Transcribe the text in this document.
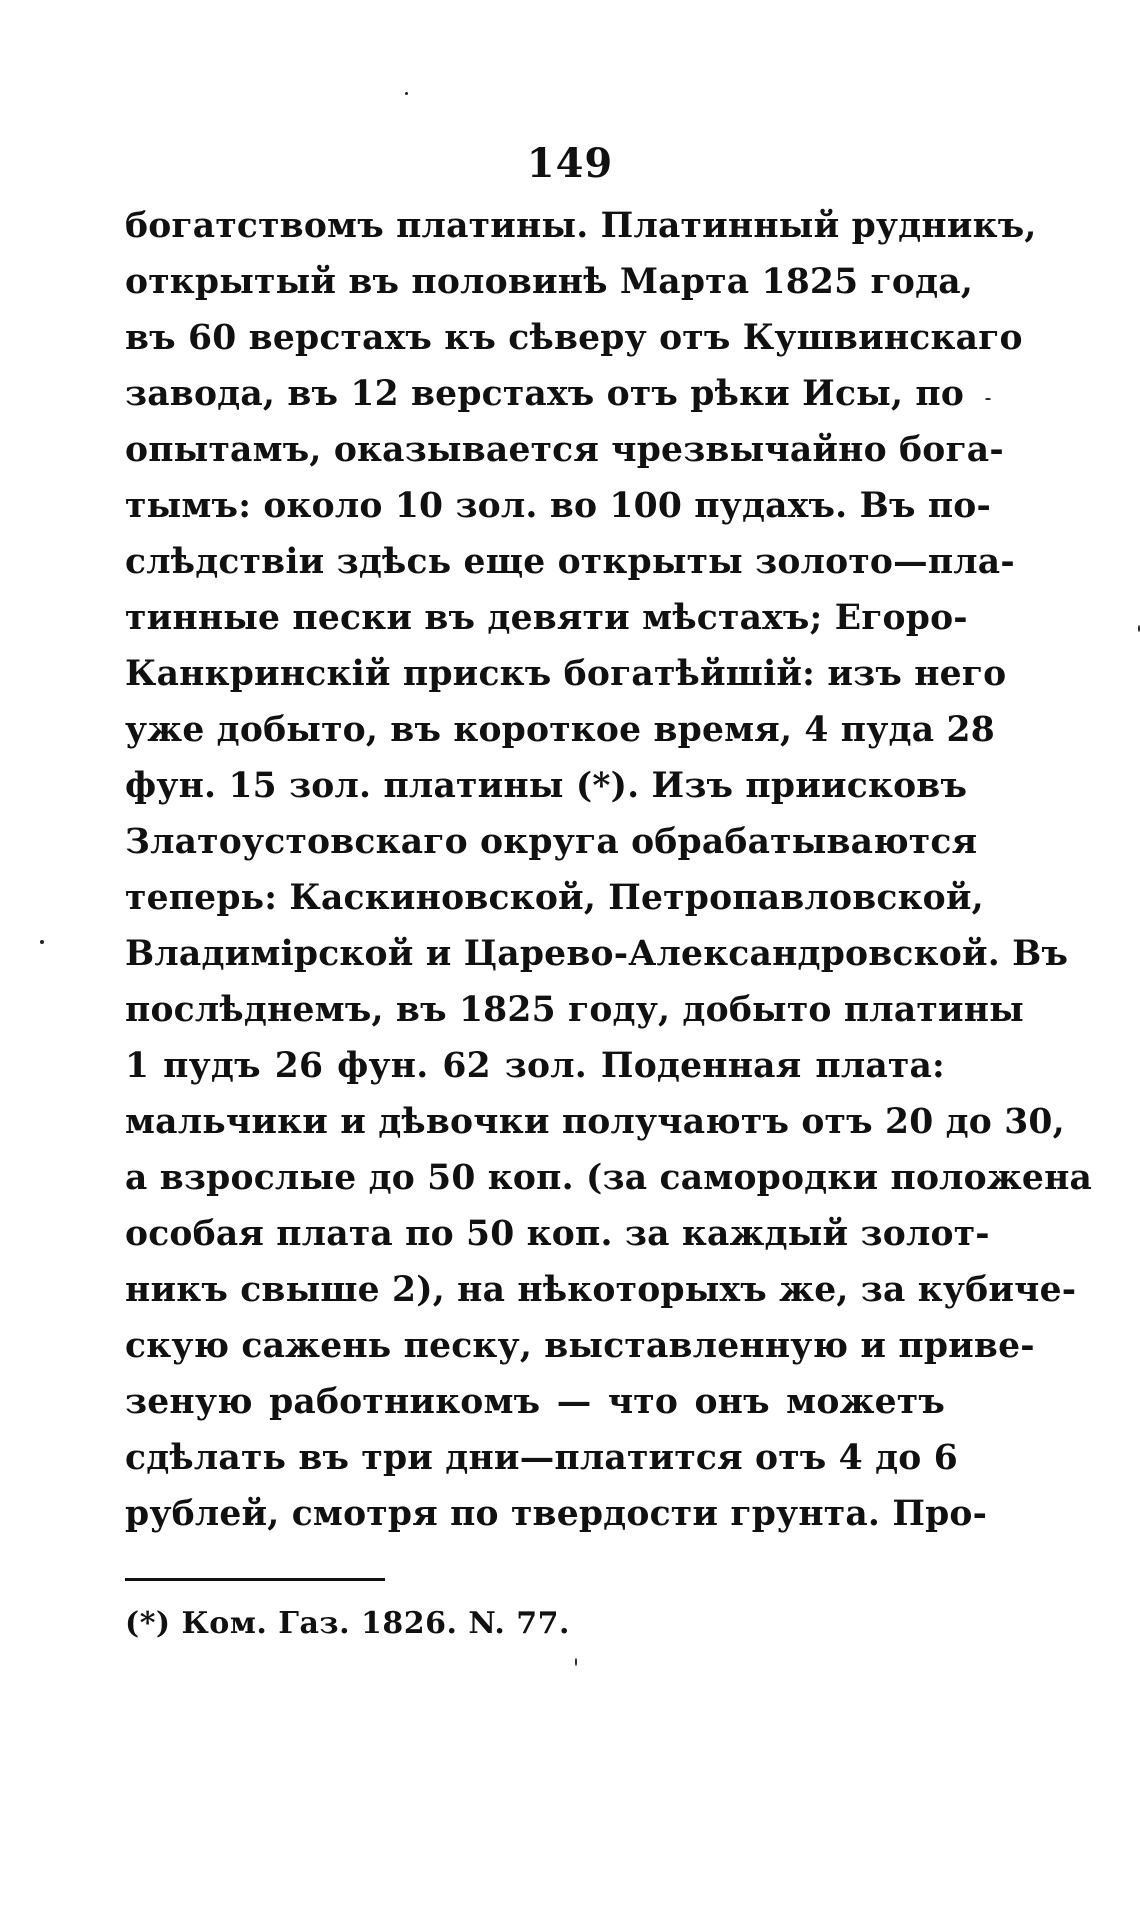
149
богатствомъ платины. Платинный рудникъ,
открытый въ половинѣ Марта 1825 года,
въ 60 верстахъ къ сѣверу отъ Кушвинскаго
завода, въ 12 верстахъ отъ рѣки Исы, по
опытамъ, оказывается чрезвычайно бога-
тымъ: около 10 зол. во 100 пудахъ. Въ по-
слѣдствіи здѣсь еще открыты золото—пла-
тинные пески въ девяти мѣстахъ; Егоро-
Канкринскій прискъ богатѣйшій: изъ него
уже добыто, въ короткое время, 4 пуда 28
фун. 15 зол. платины (*). Изъ приисковъ
Златоустовскаго округа обрабатываются
теперь: Каскиновской, Петропавловской,
Владимірской и Царево-Александровской. Въ
послѣднемъ, въ 1825 году, добыто платины
1 пудъ 26 фун. 62 зол. Поденная плата:
мальчики и дѣвочки получаютъ отъ 20 до 30,
а взрослые до 50 коп. (за самородки положена
особая плата по 50 коп. за каждый золот-
никъ свыше 2), на нѣкоторыхъ же, за кубиче-
скую сажень песку, выставленную и приве-
зеную работникомъ — что онъ можетъ
сдѣлать въ три дни—платится отъ 4 до 6
рублей, смотря по твердости грунта. Про-
(*) Ком. Газ. 1826. N. 77.
